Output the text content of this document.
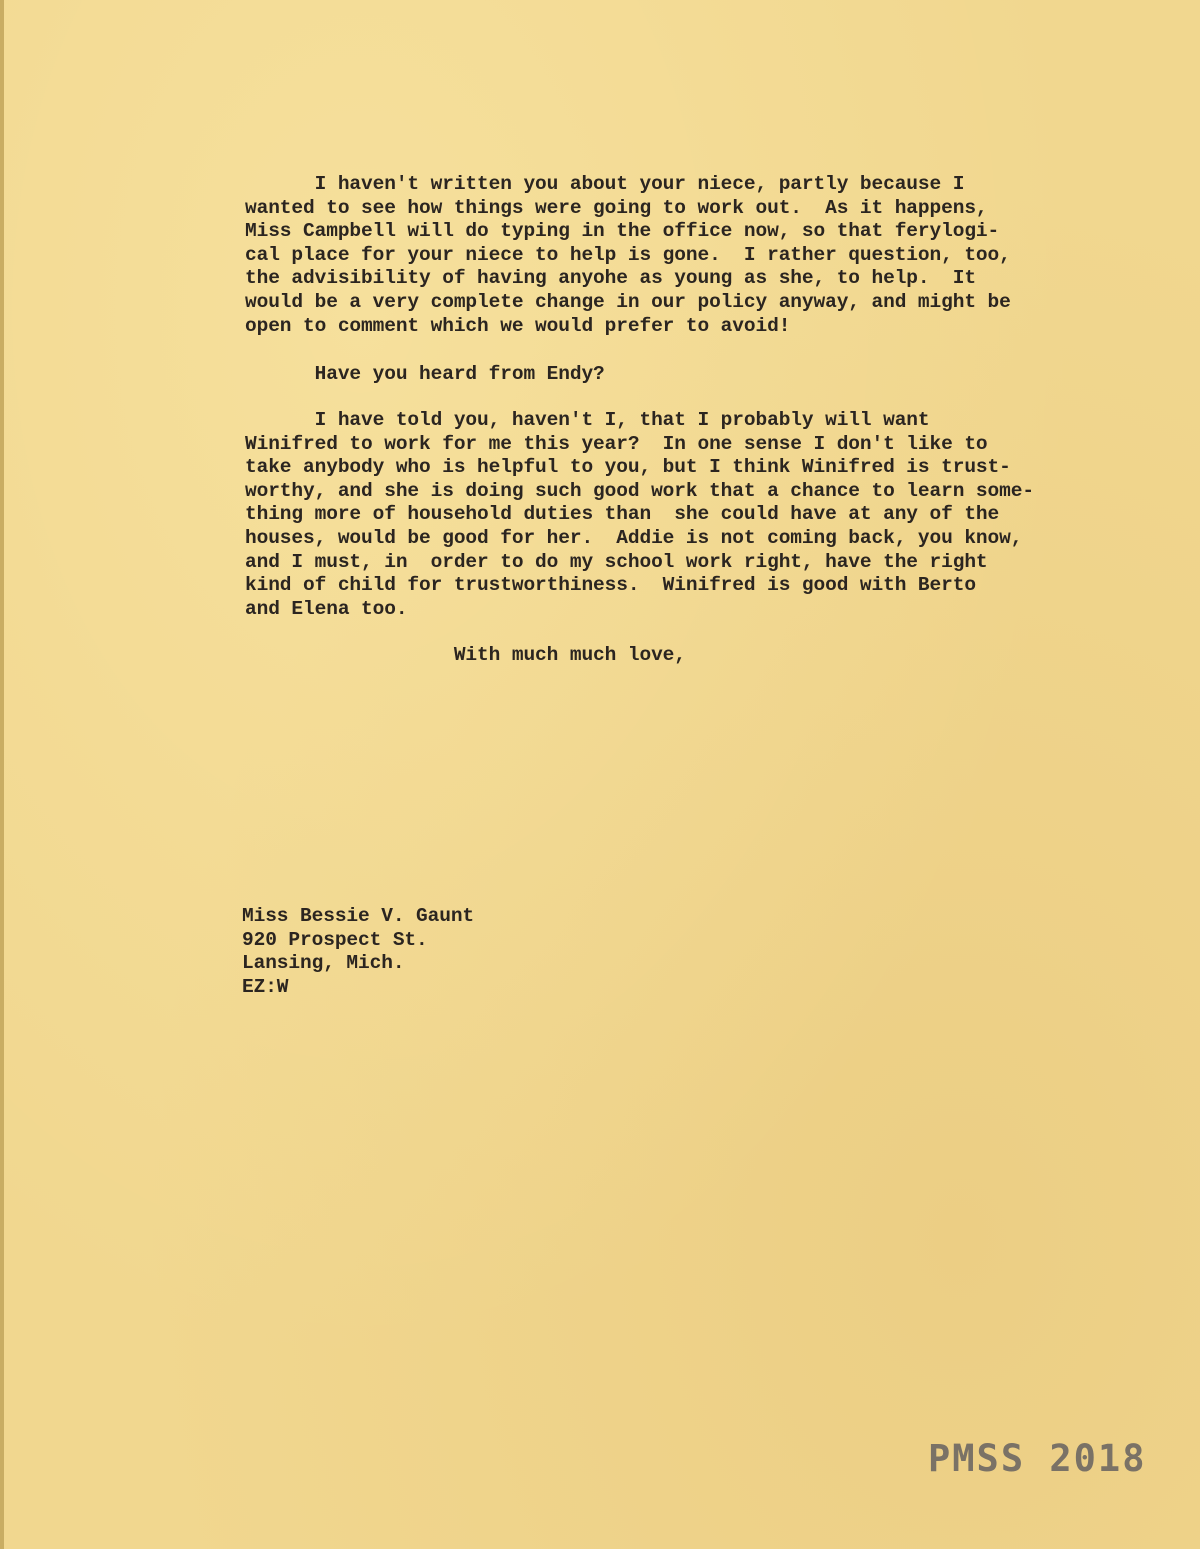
I haven't written you about your niece, partly because I
wanted to see how things were going to work out.  As it happens,
Miss Campbell will do typing in the office now, so that ferylogi-
cal place for your niece to help is gone.  I rather question, too,
the advisibility of having anyohe as young as she, to help.  It
would be a very complete change in our policy anyway, and might be
open to comment which we would prefer to avoid!
Have you heard from Endy?
I have told you, haven't I, that I probably will want
Winifred to work for me this year?  In one sense I don't like to
take anybody who is helpful to you, but I think Winifred is trust-
worthy, and she is doing such good work that a chance to learn some-
thing more of household duties than  she could have at any of the
houses, would be good for her.  Addie is not coming back, you know,
and I must, in  order to do my school work right, have the right
kind of child for trustworthiness.  Winifred is good with Berto
and Elena too.
With much much love,
Miss Bessie V. Gaunt
920 Prospect St.
Lansing, Mich.
EZ:W
PMSS 2018
